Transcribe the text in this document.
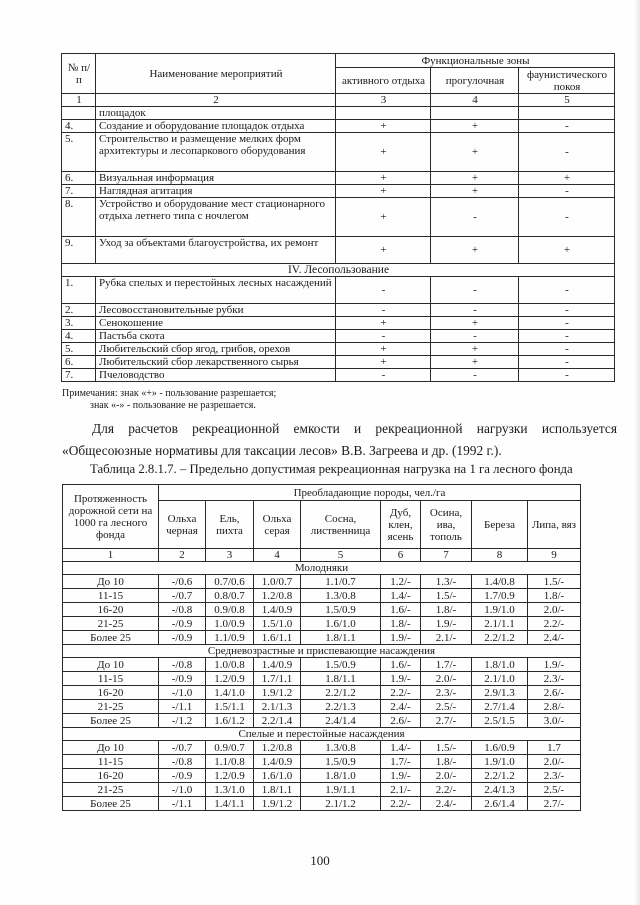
№ п/п	Наименование мероприятий	Функциональные зоны		
		активного отдыха	прогулочная	фаунистического покоя
1	2	3	4	5
	площадок			
4.	Создание и оборудование площадок отдыха	+	+	-
5.	Строительство и размещение мелких форм архитектуры и лесопаркового оборудования	+	+	-
6.	Визуальная информация	+	+	+
7.	Наглядная агитация	+	+	-
8.	Устройство и оборудование мест стационарного отдыха летнего типа с ночлегом	+	-	-
9.	Уход за объектами благоустройства, их ремонт	+	+	+
IV. Лесопользование				
1.	Рубка спелых и перестойных лесных насаждений	-	-	-
2.	Лесовосстановительные рубки	-	-	-
3.	Сенокошение	+	+	-
4.	Пастьба скота	-	-	-
5.	Любительский сбор ягод, грибов, орехов	+	+	-
6.	Любительский сбор лекарственного сырья	+	+	-
7.	Пчеловодство	-	-	-
Примечания: знак «+» - пользование разрешается;
знак «-» - пользование не разрешается.
Для расчетов рекреационной емкости и рекреационной нагрузки используется
«Общесоюзные нормативы для таксации лесов» В.В. Загреева и др. (1992 г.).
Таблица 2.8.1.7. – Предельно допустимая рекреационная нагрузка на 1 га лесного фонда
Протяженность дорожной сети на 1000 га лесного фонда	Преобладающие породы, чел./га							
	Ольха черная	Ель, пихта	Ольха серая	Сосна, лиственница	Дуб, клен, ясень	Осина, ива, тополь	Береза	Липа, вяз
1	2	3	4	5	6	7	8	9
Молодняки								
До 10	-/0.6	0.7/0.6	1.0/0.7	1.1/0.7	1.2/-	1.3/-	1.4/0.8	1.5/-
11-15	-/0.7	0.8/0.7	1.2/0.8	1.3/0.8	1.4/-	1.5/-	1.7/0.9	1.8/-
16-20	-/0.8	0.9/0.8	1.4/0.9	1.5/0.9	1.6/-	1.8/-	1.9/1.0	2.0/-
21-25	-/0.9	1.0/0.9	1.5/1.0	1.6/1.0	1.8/-	1.9/-	2.1/1.1	2.2/-
Более 25	-/0.9	1.1/0.9	1.6/1.1	1.8/1.1	1.9/-	2.1/-	2.2/1.2	2.4/-
Средневозрастные и приспевающие насаждения								
До 10	-/0.8	1.0/0.8	1.4/0.9	1.5/0.9	1.6/-	1.7/-	1.8/1.0	1.9/-
11-15	-/0.9	1.2/0.9	1.7/1.1	1.8/1.1	1.9/-	2.0/-	2.1/1.0	2.3/-
16-20	-/1.0	1.4/1.0	1.9/1.2	2.2/1.2	2.2/-	2.3/-	2.9/1.3	2.6/-
21-25	-/1.1	1.5/1.1	2.1/1.3	2.2/1.3	2.4/-	2.5/-	2.7/1.4	2.8/-
Более 25	-/1.2	1.6/1.2	2.2/1.4	2.4/1.4	2.6/-	2.7/-	2.5/1.5	3.0/-
Спелые и перестойные насаждения								
До 10	-/0.7	0.9/0.7	1.2/0.8	1.3/0.8	1.4/-	1.5/-	1.6/0.9	1.7
11-15	-/0.8	1.1/0.8	1.4/0.9	1.5/0.9	1.7/-	1.8/-	1.9/1.0	2.0/-
16-20	-/0.9	1.2/0.9	1.6/1.0	1.8/1.0	1.9/-	2.0/-	2.2/1.2	2.3/-
21-25	-/1.0	1.3/1.0	1.8/1.1	1.9/1.1	2.1/-	2.2/-	2.4/1.3	2.5/-
Более 25	-/1.1	1.4/1.1	1.9/1.2	2.1/1.2	2.2/-	2.4/-	2.6/1.4	2.7/-
100
